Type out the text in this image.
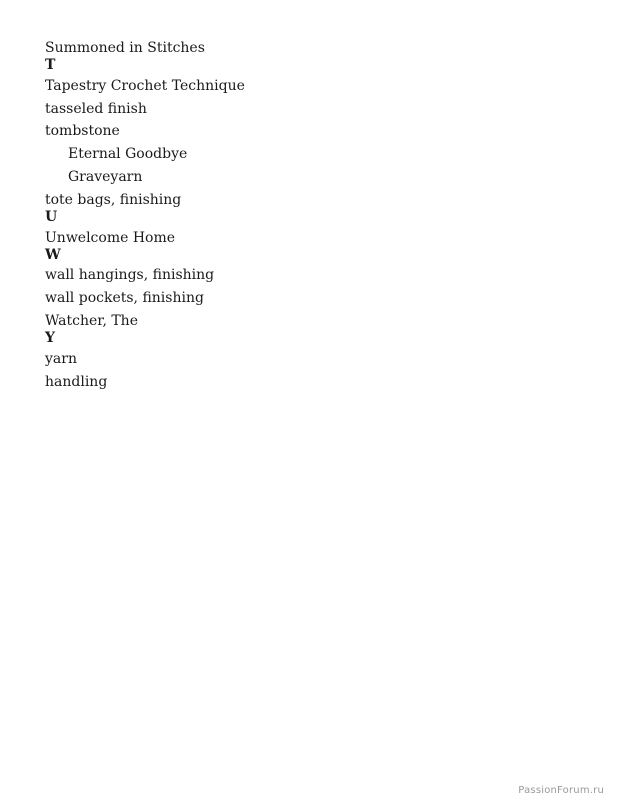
Summoned in Stitches
T
Tapestry Crochet Technique
tasseled finish
tombstone
Eternal Goodbye
Graveyarn
tote bags, finishing
U
Unwelcome Home
W
wall hangings, finishing
wall pockets, finishing
Watcher, The
Y
yarn
handling
PassionForum.ru
